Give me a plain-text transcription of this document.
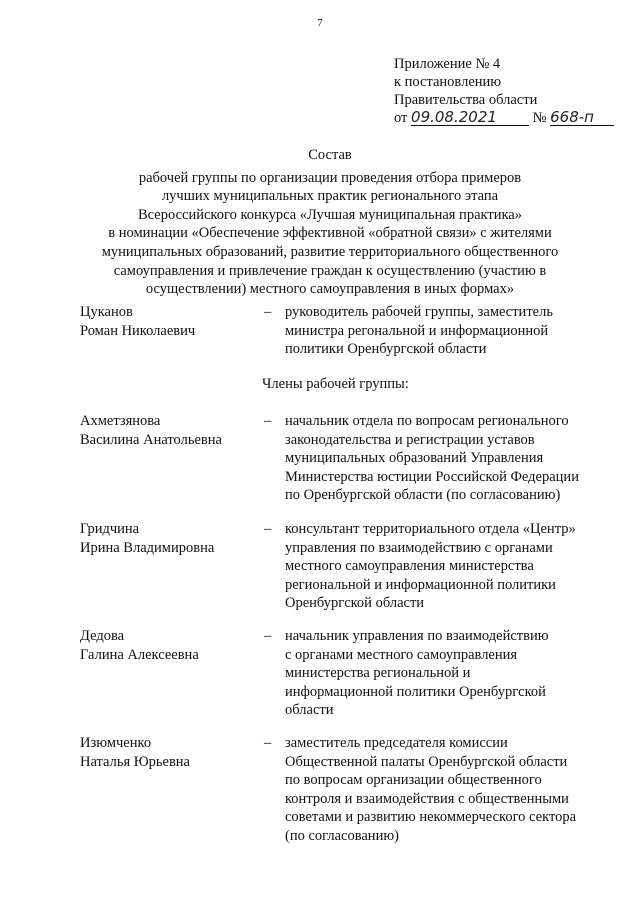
7
Приложение № 4
к постановлению
Правительства области
от 09.08.2021 № 668-п
Состав
рабочей группы по организации проведения отбора примеров
лучших муниципальных практик регионального этапа
Всероссийского конкурса «Лучшая муниципальная практика»
в номинации «Обеспечение эффективной «обратной связи» с жителями
муниципальных образований, развитие территориального общественного
самоуправления и привлечение граждан к осуществлению (участию в
осуществлении) местного самоуправления в иных формах»
Цуканов
Роман Николаевич
– руководитель рабочей группы, заместитель
министра регональной и информационной
политики Оренбургской области
Члены рабочей группы:
Ахметзянова
Василина Анатольевна
– начальник отдела по вопросам регионального
законодательства и регистрации уставов
муниципальных образований Управления
Министерства юстиции Российской Федерации
по Оренбургской области (по согласованию)
Гридчина
Ирина Владимировна
– консультант территориального отдела «Центр»
управления по взаимодействию с органами
местного самоуправления министерства
региональной и информационной политики
Оренбургской области
Дедова
Галина Алексеевна
– начальник управления по взаимодействию
с органами местного самоуправления
министерства региональной и
информационной политики Оренбургской
области
Изюмченко
Наталья Юрьевна
– заместитель председателя комиссии
Общественной палаты Оренбургской области
по вопросам организации общественного
контроля и взаимодействия с общественными
советами и развитию некоммерческого сектора
(по согласованию)
